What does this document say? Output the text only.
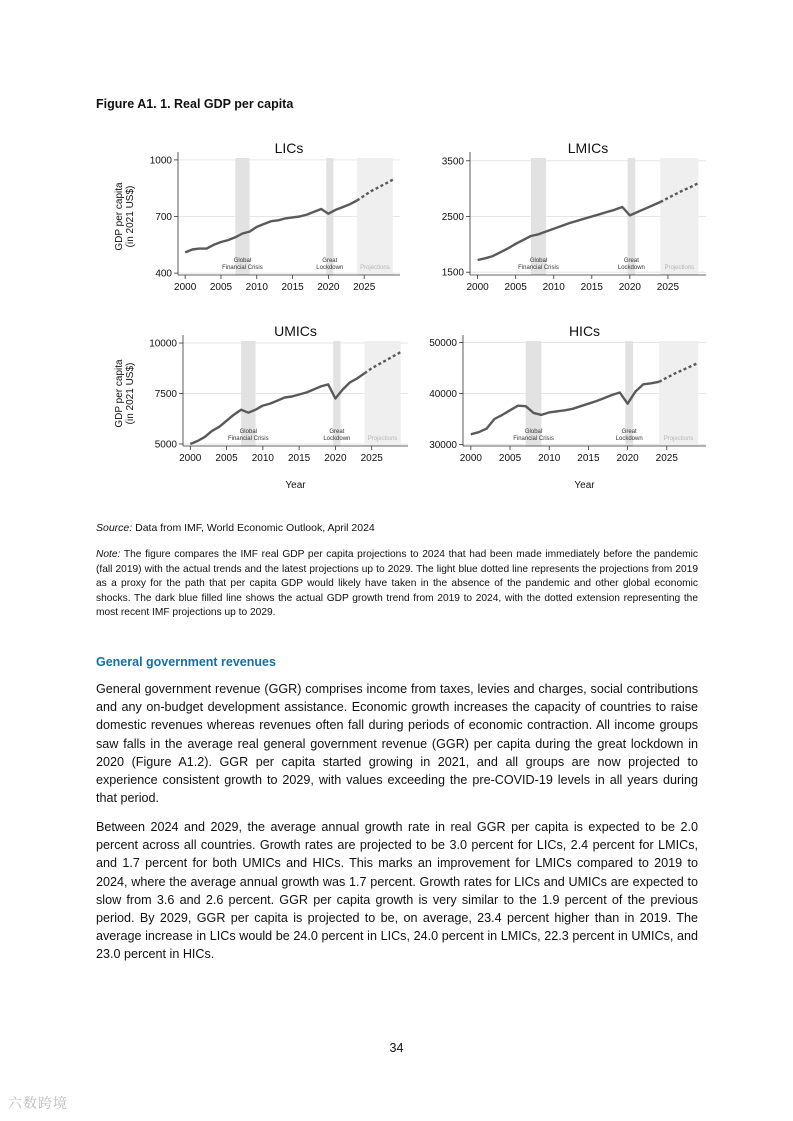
Figure A1. 1. Real GDP per capita
Global
Financial Crisis
Great
Lockdown	Projections
400
700
1000
2000 2005 2010 2015 2020 2025
LICs
GDP per capita (in 2021 US$)
Global
Financial Crisis
Great
Lockdown	Projections
1500
2500
3500
2000 2005 2010 2015 2020 2025
LMICs
Global
Financial Crisis
Great
Lockdown	Projections
5000
7500
10000
2000 2005 2010 2015 2020 2025
UMICs
GDP per capita (in 2021 US$)
Year
Global
Financial Crisis
Great
Lockdown	Projections
30000
40000
50000
2000 2005 2010 2015 2020 2025
HICs
Year
Source: Data from IMF, World Economic Outlook, April 2024
Note: The figure compares the IMF real GDP per capita projections to 2024 that had been made immediately before the pandemic (fall 2019) with the actual trends and the latest projections up to 2029. The light blue dotted line represents the projections from 2019 as a proxy for the path that per capita GDP would likely have taken in the absence of the pandemic and other global economic shocks. The dark blue filled line shows the actual GDP growth trend from 2019 to 2024, with the dotted extension representing the most recent IMF projections up to 2029.
General government revenues
General government revenue (GGR) comprises income from taxes, levies and charges, social contributions and any on-budget development assistance. Economic growth increases the capacity of countries to raise domestic revenues whereas revenues often fall during periods of economic contraction. All income groups saw falls in the average real general government revenue (GGR) per capita during the great lockdown in 2020 (Figure A1.2). GGR per capita started growing in 2021, and all groups are now projected to experience consistent growth to 2029, with values exceeding the pre-COVID-19 levels in all years during that period.
Between 2024 and 2029, the average annual growth rate in real GGR per capita is expected to be 2.0 percent across all countries. Growth rates are projected to be 3.0 percent for LICs, 2.4 percent for LMICs, and 1.7 percent for both UMICs and HICs. This marks an improvement for LMICs compared to 2019 to 2024, where the average annual growth was 1.7 percent. Growth rates for LICs and UMICs are expected to slow from 3.6 and 2.6 percent. GGR per capita growth is very similar to the 1.9 percent of the previous period. By 2029, GGR per capita is projected to be, on average, 23.4 percent higher than in 2019. The average increase in LICs would be 24.0 percent in LICs, 24.0 percent in LMICs, 22.3 percent in UMICs, and 23.0 percent in HICs.
34
六数跨境
